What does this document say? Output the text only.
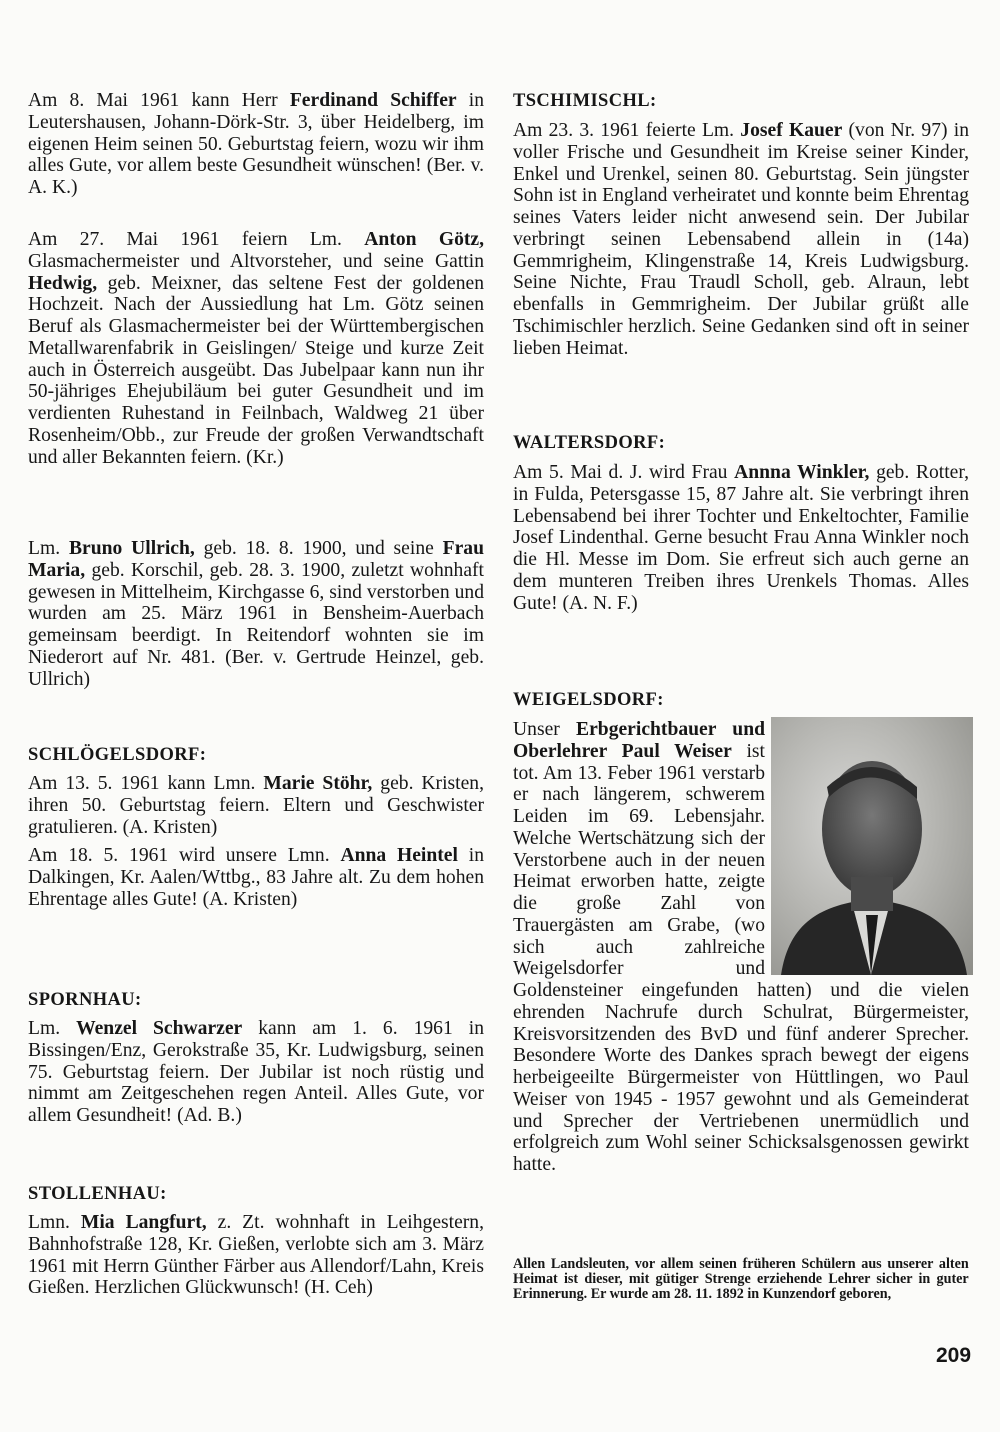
Am 8. Mai 1961 kann Herr Ferdinand Schiffer in Leutershausen, Johann-Dörk-Str. 3, über Heidelberg, im eigenen Heim seinen 50. Geburtstag feiern, wozu wir ihm alles Gute, vor allem beste Gesundheit wünschen! (Ber. v. A. K.)

Am 27. Mai 1961 feiern Lm. Anton Götz, Glasmachermeister und Altvorsteher, und seine Gattin Hedwig, geb. Meixner, das seltene Fest der goldenen Hochzeit. Nach der Aussiedlung hat Lm. Götz seinen Beruf als Glasmachermeister bei der Württembergischen Metallwarenfabrik in Geislingen/ Steige und kurze Zeit auch in Österreich ausgeübt. Das Jubelpaar kann nun ihr 50-jähriges Ehejubiläum bei guter Gesundheit und im verdienten Ruhestand in Feilnbach, Waldweg 21 über Rosenheim/Obb., zur Freude der großen Verwandtschaft und aller Bekannten feiern. (Kr.)

Lm. Bruno Ullrich, geb. 18. 8. 1900, und seine Frau Maria, geb. Korschil, geb. 28. 3. 1900, zuletzt wohnhaft gewesen in Mittelheim, Kirchgasse 6, sind verstorben und wurden am 25. März 1961 in Bensheim-Auerbach gemeinsam beerdigt. In Reitendorf wohnten sie im Niederort auf Nr. 481. (Ber. v. Gertrude Heinzel, geb. Ullrich)

SCHLÖGELSDORF:

Am 13. 5. 1961 kann Lmn. Marie Stöhr, geb. Kristen, ihren 50. Geburtstag feiern. Eltern und Geschwister gratulieren. (A. Kristen)

Am 18. 5. 1961 wird unsere Lmn. Anna Heintel in Dalkingen, Kr. Aalen/Wttbg., 83 Jahre alt. Zu dem hohen Ehrentage alles Gute! (A. Kristen)

SPORNHAU:

Lm. Wenzel Schwarzer kann am 1. 6. 1961 in Bissingen/Enz, Gerokstraße 35, Kr. Ludwigsburg, seinen 75. Geburtstag feiern. Der Jubilar ist noch rüstig und nimmt am Zeitgeschehen regen Anteil. Alles Gute, vor allem Gesundheit! (Ad. B.)

STOLLENHAU:

Lmn. Mia Langfurt, z. Zt. wohnhaft in Leihgestern, Bahnhofstraße 128, Kr. Gießen, verlobte sich am 3. März 1961 mit Herrn Günther Färber aus Allendorf/Lahn, Kreis Gießen. Herzlichen Glückwunsch! (H. Ceh)

TSCHIMISCHL:

Am 23. 3. 1961 feierte Lm. Josef Kauer (von Nr. 97) in voller Frische und Gesundheit im Kreise seiner Kinder, Enkel und Urenkel, seinen 80. Geburtstag. Sein jüngster Sohn ist in England verheiratet und konnte beim Ehrentag seines Vaters leider nicht anwesend sein. Der Jubilar verbringt seinen Lebensabend allein in (14a) Gemmrigheim, Klingenstraße 14, Kreis Ludwigsburg. Seine Nichte, Frau Traudl Scholl, geb. Alraun, lebt ebenfalls in Gemmrigheim. Der Jubilar grüßt alle Tschimischler herzlich. Seine Gedanken sind oft in seiner lieben Heimat.

WALTERSDORF:

Am 5. Mai d. J. wird Frau Annna Winkler, geb. Rotter, in Fulda, Petersgasse 15, 87 Jahre alt. Sie verbringt ihren Lebensabend bei ihrer Tochter und Enkeltochter, Familie Josef Lindenthal. Gerne besucht Frau Anna Winkler noch die Hl. Messe im Dom. Sie erfreut sich auch gerne an dem munteren Treiben ihres Urenkels Thomas. Alles Gute! (A. N. F.)

WEIGELSDORF:

Unser Erbgerichtbauer und Oberlehrer Paul Weiser ist tot. Am 13. Feber 1961 verstarb er nach längerem, schwerem Leiden im 69. Lebensjahr. Welche Wertschätzung sich der Verstorbene auch in der neuen Heimat erworben hatte, zeigte die große Zahl von Trauergästen am Grabe, (wo sich auch zahlreiche Weigelsdorfer und Goldensteiner eingefunden hatten) und die vielen ehrenden Nachrufe durch Schulrat, Bürgermeister, Kreisvorsitzenden des BvD und fünf anderer Sprecher. Besondere Worte des Dankes sprach bewegt der eigens herbeigeeilte Bürgermeister von Hüttlingen, wo Paul Weiser von 1945 - 1957 gewohnt und als Gemeinderat und Sprecher der Vertriebenen unermüdlich und erfolgreich zum Wohl seiner Schicksalsgenossen gewirkt hatte.

Allen Landsleuten, vor allem seinen früheren Schülern aus unserer alten Heimat ist dieser, mit gütiger Strenge erziehende Lehrer sicher in guter Erinnerung. Er wurde am 28. 11. 1892 in Kunzendorf geboren,

209
